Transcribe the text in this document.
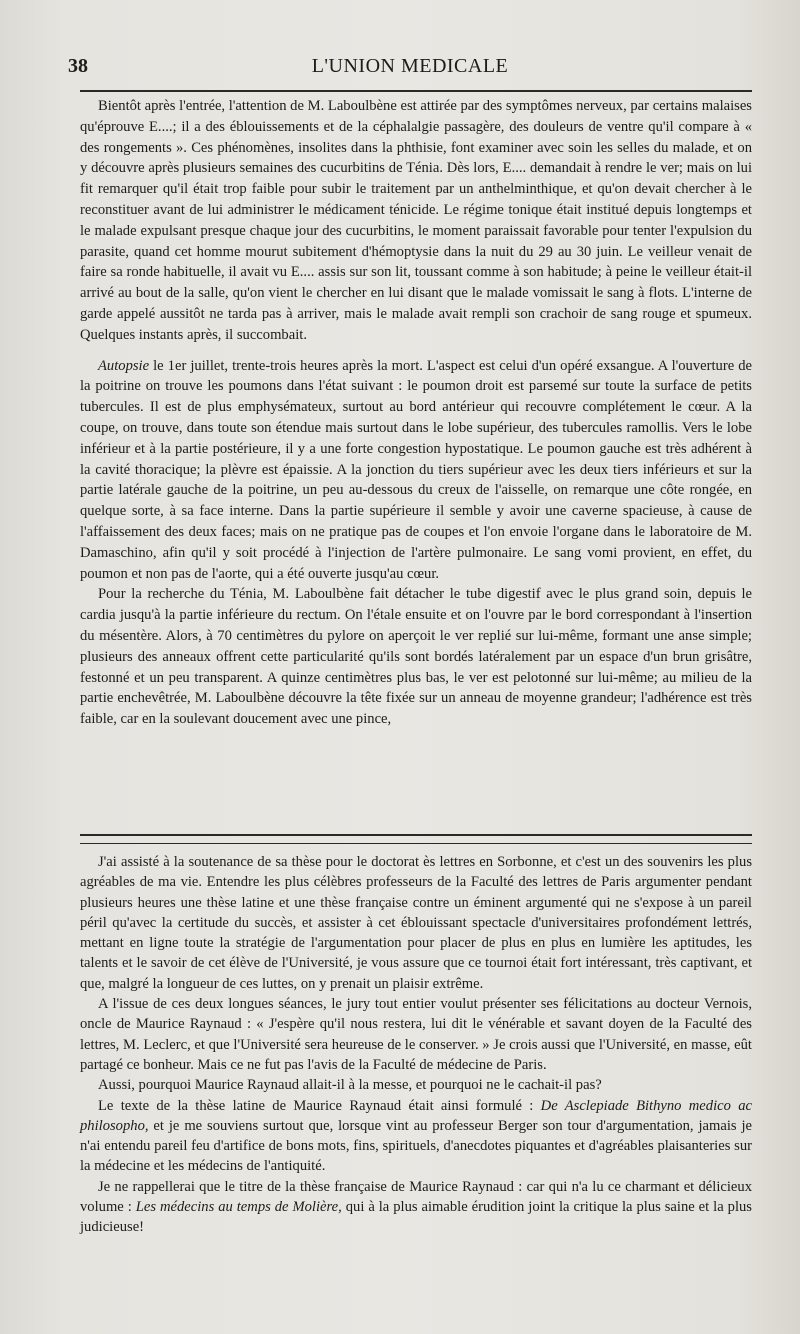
38	L'UNION MEDICALE

Bientôt après l'entrée, l'attention de M. Laboulbène est attirée par des symptômes nerveux, par certains malaises qu'éprouve E....; il a des éblouissements et de la céphalalgie passagère, des douleurs de ventre qu'il compare à « des rongements ». Ces phénomènes, insolites dans la phthisie, font examiner avec soin les selles du malade, et on y découvre après plusieurs semaines des cucurbitins de Ténia. Dès lors, E.... demandait à rendre le ver; mais on lui fit remarquer qu'il était trop faible pour subir le traitement par un anthelminthique, et qu'on devait chercher à le reconstituer avant de lui administrer le médicament ténicide. Le régime tonique était institué depuis longtemps et le malade expulsant presque chaque jour des cucurbitins, le moment paraissait favorable pour tenter l'expulsion du parasite, quand cet homme mourut subitement d'hémoptysie dans la nuit du 29 au 30 juin. Le veilleur venait de faire sa ronde habituelle, il avait vu E.... assis sur son lit, toussant comme à son habitude; à peine le veilleur était-il arrivé au bout de la salle, qu'on vient le chercher en lui disant que le malade vomissait le sang à flots. L'interne de garde appelé aussitôt ne tarda pas à arriver, mais le malade avait rempli son crachoir de sang rouge et spumeux. Quelques instants après, il succombait.

Autopsie le 1er juillet, trente-trois heures après la mort. L'aspect est celui d'un opéré exsangue. A l'ouverture de la poitrine on trouve les poumons dans l'état suivant : le poumon droit est parsemé sur toute la surface de petits tubercules. Il est de plus emphysémateux, surtout au bord antérieur qui recouvre complétement le cœur. A la coupe, on trouve, dans toute son étendue mais surtout dans le lobe supérieur, des tubercules ramollis. Vers le lobe inférieur et à la partie postérieure, il y a une forte congestion hypostatique. Le poumon gauche est très adhérent à la cavité thoracique; la plèvre est épaissie. A la jonction du tiers supérieur avec les deux tiers inférieurs et sur la partie latérale gauche de la poitrine, un peu au-dessous du creux de l'aisselle, on remarque une côte rongée, en quelque sorte, à sa face interne. Dans la partie supérieure il semble y avoir une caverne spacieuse, à cause de l'affaissement des deux faces; mais on ne pratique pas de coupes et l'on envoie l'organe dans le laboratoire de M. Damaschino, afin qu'il y soit procédé à l'injection de l'artère pulmonaire. Le sang vomi provient, en effet, du poumon et non pas de l'aorte, qui a été ouverte jusqu'au cœur.

Pour la recherche du Ténia, M. Laboulbène fait détacher le tube digestif avec le plus grand soin, depuis le cardia jusqu'à la partie inférieure du rectum. On l'étale ensuite et on l'ouvre par le bord correspondant à l'insertion du mésentère. Alors, à 70 centimètres du pylore on aperçoit le ver replié sur lui-même, formant une anse simple; plusieurs des anneaux offrent cette particularité qu'ils sont bordés latéralement par un espace d'un brun grisâtre, festonné et un peu transparent. A quinze centimètres plus bas, le ver est pelotonné sur lui-même; au milieu de la partie enchevêtrée, M. Laboulbène découvre la tête fixée sur un anneau de moyenne grandeur; l'adhérence est très faible, car en la soulevant doucement avec une pince,

J'ai assisté à la soutenance de sa thèse pour le doctorat ès lettres en Sorbonne, et c'est un des souvenirs les plus agréables de ma vie. Entendre les plus célèbres professeurs de la Faculté des lettres de Paris argumenter pendant plusieurs heures une thèse latine et une thèse française contre un éminent argumenté qui ne s'expose à un pareil péril qu'avec la certitude du succès, et assister à cet éblouissant spectacle d'universitaires profondément lettrés, mettant en ligne toute la stratégie de l'argumentation pour placer de plus en plus en lumière les aptitudes, les talents et le savoir de cet élève de l'Université, je vous assure que ce tournoi était fort intéressant, très captivant, et que, malgré la longueur de ces luttes, on y prenait un plaisir extrême.

A l'issue de ces deux longues séances, le jury tout entier voulut présenter ses félicitations au docteur Vernois, oncle de Maurice Raynaud : « J'espère qu'il nous restera, lui dit le vénérable et savant doyen de la Faculté des lettres, M. Leclerc, et que l'Université sera heureuse de le conserver. » Je crois aussi que l'Université, en masse, eût partagé ce bonheur. Mais ce ne fut pas l'avis de la Faculté de médecine de Paris.

Aussi, pourquoi Maurice Raynaud allait-il à la messe, et pourquoi ne le cachait-il pas?

Le texte de la thèse latine de Maurice Raynaud était ainsi formulé : De Asclepiade Bithyno medico ac philosopho, et je me souviens surtout que, lorsque vint au professeur Berger son tour d'argumentation, jamais je n'ai entendu pareil feu d'artifice de bons mots, fins, spirituels, d'anecdotes piquantes et d'agréables plaisanteries sur la médecine et les médecins de l'antiquité.

Je ne rappellerai que le titre de la thèse française de Maurice Raynaud : car qui n'a lu ce charmant et délicieux volume : Les médecins au temps de Molière, qui à la plus aimable érudition joint la critique la plus saine et la plus judicieuse!
